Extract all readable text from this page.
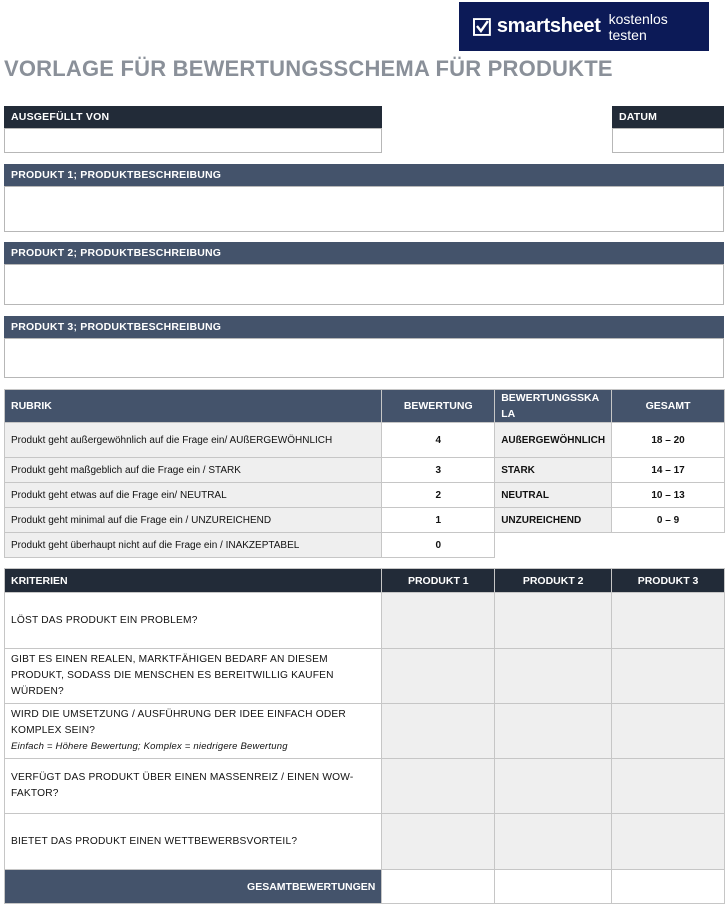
smartsheet kostenlos testen
VORLAGE FÜR BEWERTUNGSSCHEMA FÜR PRODUKTE
AUSGEFÜLLT VON	DATUM
PRODUKT 1; PRODUKTBESCHREIBUNG
PRODUKT 2; PRODUKTBESCHREIBUNG
PRODUKT 3; PRODUKTBESCHREIBUNG
RUBRIK	BEWERTUNG	BEWERTUNGSSKALA	GESAMT
Produkt geht außergewöhnlich auf die Frage ein/ AUßERGEWÖHNLICH	4	AUßERGEWÖHNLICH	18 – 20
Produkt geht maßgeblich auf die Frage ein / STARK	3	STARK	14 – 17
Produkt geht etwas auf die Frage ein/ NEUTRAL	2	NEUTRAL	10 – 13
Produkt geht minimal auf die Frage ein / UNZUREICHEND	1	UNZUREICHEND	0 – 9
Produkt geht überhaupt nicht auf die Frage ein / INAKZEPTABEL	0		
KRITERIEN	PRODUKT 1	PRODUKT 2	PRODUKT 3
LÖST DAS PRODUKT EIN PROBLEM?			
GIBT ES EINEN REALEN, MARKTFÄHIGEN BEDARF AN DIESEM PRODUKT, SODASS DIE MENSCHEN ES BEREITWILLIG KAUFEN WÜRDEN?			

WIRD DIE UMSETZUNG / AUSFÜHRUNG DER IDEE EINFACH ODER KOMPLEX SEIN?
Einfach = Höhere Bewertung; Komplex = niedrigere Bewertung			

VERFÜGT DAS PRODUKT ÜBER EINEN MASSENREIZ / EINEN WOW-FAKTOR?			
BIETET DAS PRODUKT EINEN WETTBEWERBSVORTEIL?			
GESAMTBEWERTUNGEN			
